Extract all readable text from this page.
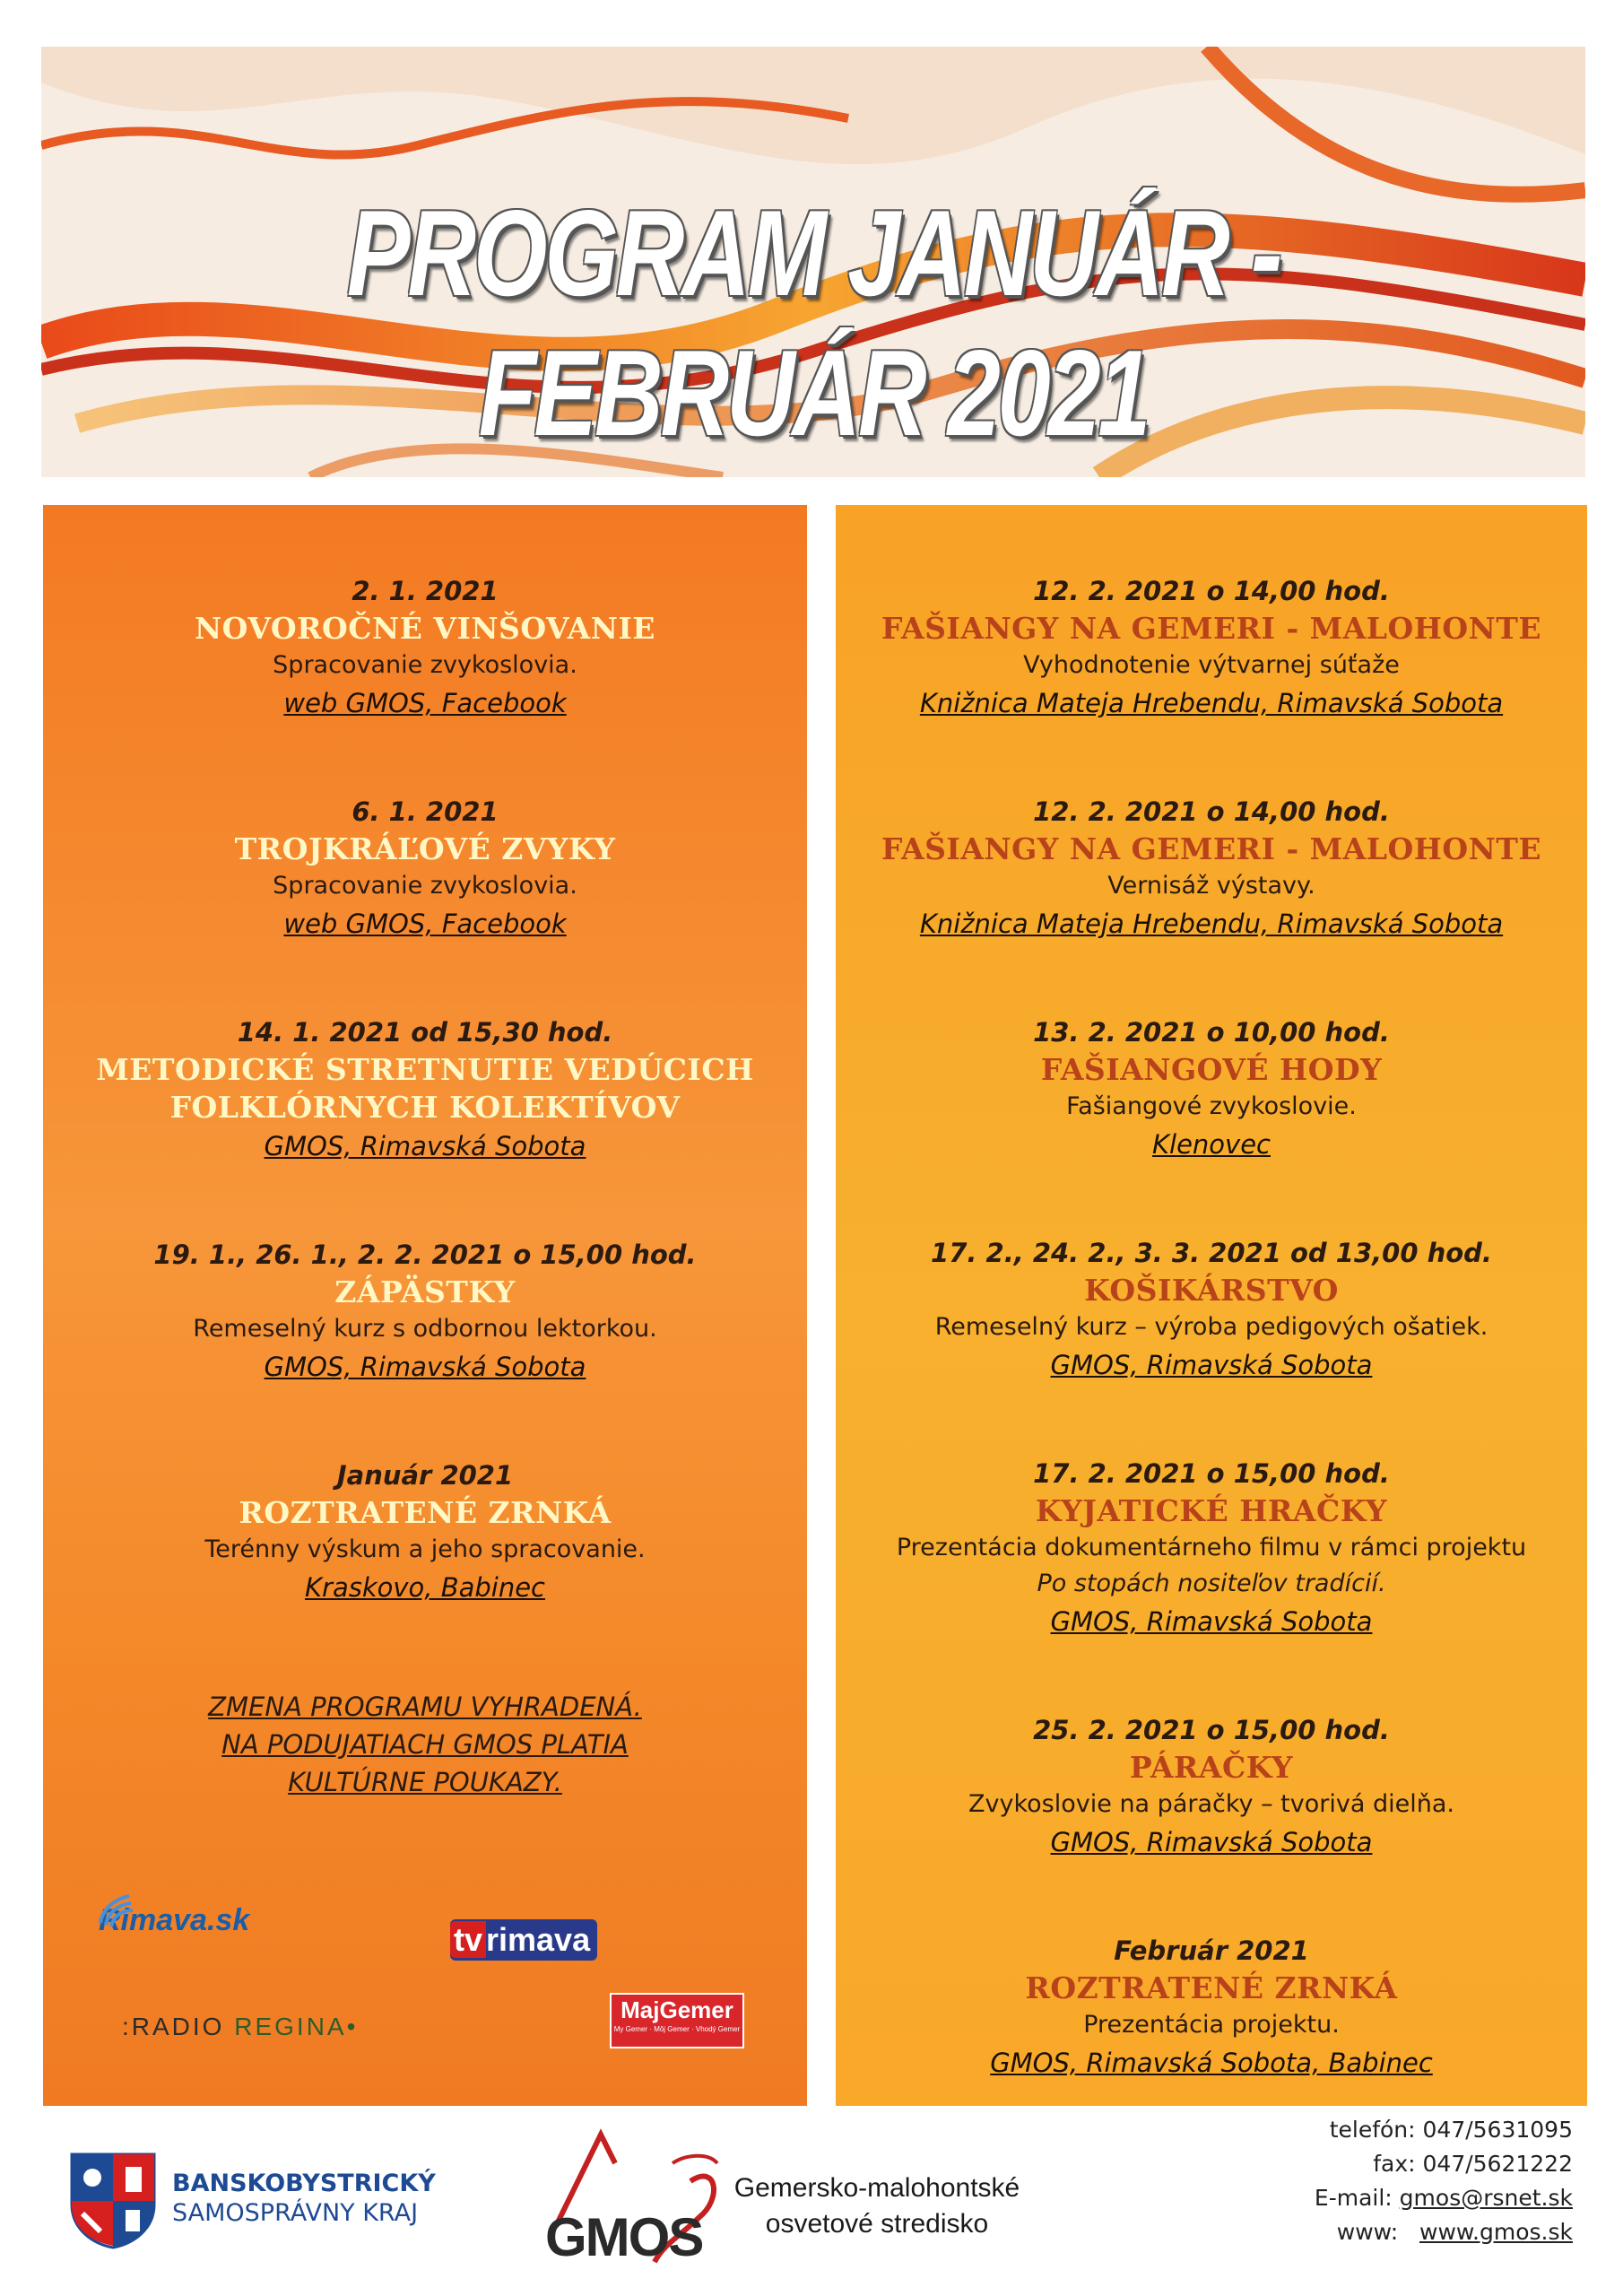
PROGRAM JANUÁR - FEBRUÁR 2021
2. 1. 2021
NOVOROČNÉ VINŠOVANIE
Spracovanie zvykoslovia.
web GMOS, Facebook
6. 1. 2021
TROJKRÁĽOVÉ ZVYKY
Spracovanie zvykoslovia.
web GMOS, Facebook
14. 1. 2021 od 15,30 hod.
METODICKÉ STRETNUTIE VEDÚCICH
FOLKLÓRNYCH KOLEKTÍVOV
GMOS, Rimavská Sobota
19. 1., 26. 1., 2. 2. 2021 o 15,00 hod.
ZÁPÄSTKY
Remeselný kurz s odbornou lektorkou.
GMOS, Rimavská Sobota
Január 2021
ROZTRATENÉ ZRNKÁ
Terénny výskum a jeho spracovanie.
Kraskovo, Babinec
ZMENA PROGRAMU VYHRADENÁ.
NA PODUJATIACH GMOS PLATIA
KULTÚRNE POUKAZY.
Rimava.sk
tv rimava
:RADIO REGINA•
MajGemer
My Gemer · Môj Gemer · Vhodý Gemer
12. 2. 2021 o 14,00 hod.
FAŠIANGY NA GEMERI - MALOHONTE
Vyhodnotenie výtvarnej súťaže
Knižnica Mateja Hrebendu, Rimavská Sobota
12. 2. 2021 o 14,00 hod.
FAŠIANGY NA GEMERI - MALOHONTE
Vernisáž výstavy.
Knižnica Mateja Hrebendu, Rimavská Sobota
13. 2. 2021 o 10,00 hod.
FAŠIANGOVÉ HODY
Fašiangové zvykoslovie.
Klenovec
17. 2., 24. 2., 3. 3. 2021 od 13,00 hod.
KOŠIKÁRSTVO
Remeselný kurz – výroba pedigových ošatiek.
GMOS, Rimavská Sobota
17. 2. 2021 o 15,00 hod.
KYJATICKÉ HRAČKY
Prezentácia dokumentárneho filmu v rámci projektu
Po stopách nositeľov tradícií.
GMOS, Rimavská Sobota
25. 2. 2021 o 15,00 hod.
PÁRAČKY
Zvykoslovie na páračky – tvorivá dielňa.
GMOS, Rimavská Sobota
Február 2021
ROZTRATENÉ ZRNKÁ
Prezentácia projektu.
GMOS, Rimavská Sobota, Babinec
BANSKOBYSTRICKÝ
SAMOSPRÁVNY KRAJ	GMOS
Gemersko-malohontské
osvetové stredisko
telefón: 047/5631095
fax: 047/5621222
E-mail: gmos@rsnet.sk
www: www.gmos.sk
